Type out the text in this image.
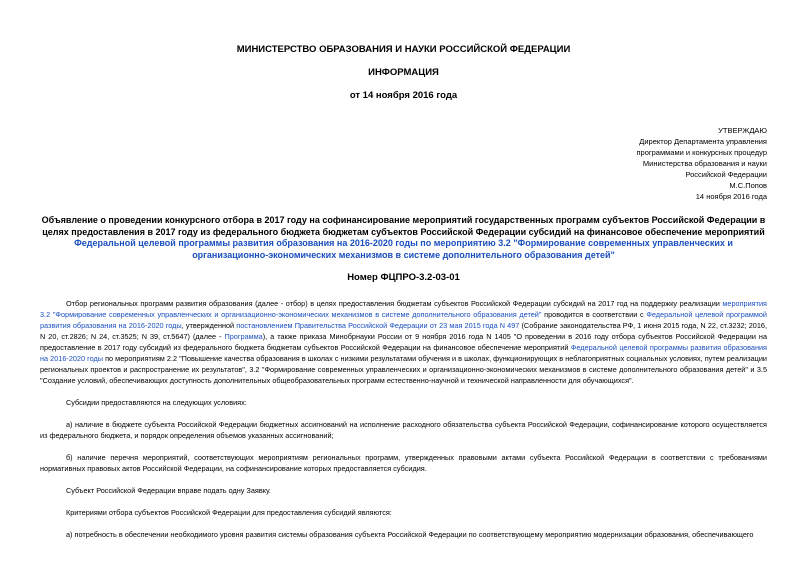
МИНИСТЕРСТВО ОБРАЗОВАНИЯ И НАУКИ РОССИЙСКОЙ ФЕДЕРАЦИИ
ИНФОРМАЦИЯ
от 14 ноября 2016 года
УТВЕРЖДАЮ
Директор Департамента управления
программами и конкурсных процедур
Министерства образования и науки
Российской Федерации
М.С.Попов
14 ноября 2016 года
Объявление о проведении конкурсного отбора в 2017 году на софинансирование мероприятий государственных программ субъектов Российской Федерации в целях предоставления в 2017 году из федерального бюджета бюджетам субъектов Российской Федерации субсидий на финансовое обеспечение мероприятий Федеральной целевой программы развития образования на 2016-2020 годы по мероприятию 3.2 "Формирование современных управленческих и организационно-экономических механизмов в системе дополнительного образования детей"
Номер ФЦПРО-3.2-03-01

Отбор региональных программ развития образования (далее - отбор) в целях предоставления бюджетам субъектов Российской Федерации субсидий на 2017 год на поддержку реализации мероприятия 3.2 "Формирование современных управленческих и организационно-экономических механизмов в системе дополнительного образования детей" проводится в соответствии с Федеральной целевой программой развития образования на 2016-2020 годы, утвержденной постановлением Правительства Российской Федерации от 23 мая 2015 года N 497 (Собрание законодательства РФ, 1 июня 2015 года, N 22, ст.3232; 2016, N 20, ст.2826; N 24, ст.3525; N 39, ст.5647) (далее - Программа), а также приказа Минобрнауки России от 9 ноября 2016 года N 1405 "О проведении в 2016 году отбора субъектов Российской Федерации на предоставление в 2017 году субсидий из федерального бюджета бюджетам субъектов Российской Федерации на финансовое обеспечение мероприятий Федеральной целевой программы развития образования на 2016-2020 годы по мероприятиям 2.2 "Повышение качества образования в школах с низкими результатами обучения и в школах, функционирующих в неблагоприятных социальных условиях, путем реализации региональных проектов и распространение их результатов", 3.2 "Формирование современных управленческих и организационно-экономических механизмов в системе дополнительного образования детей" и 3.5 "Создание условий, обеспечивающих доступность дополнительных общеобразовательных программ естественно-научной и технической направленности для обучающихся".

Субсидии предоставляются на следующих условиях:

а) наличие в бюджете субъекта Российской Федерации бюджетных ассигнований на исполнение расходного обязательства субъекта Российской Федерации, софинансирование которого осуществляется из федерального бюджета, и порядок определения объемов указанных ассигнований;

б) наличие перечня мероприятий, соответствующих мероприятиям региональных программ, утвержденных правовыми актами субъекта Российской Федерации в соответствии с требованиями нормативных правовых актов Российской Федерации, на софинансирование которых предоставляется субсидия.

Субъект Российской Федерации вправе подать одну Заявку.

Критериями отбора субъектов Российской Федерации для предоставления субсидий являются:

а) потребность в обеспечении необходимого уровня развития системы образования субъекта Российской Федерации по соответствующему мероприятию модернизации образования, обеспечивающего
